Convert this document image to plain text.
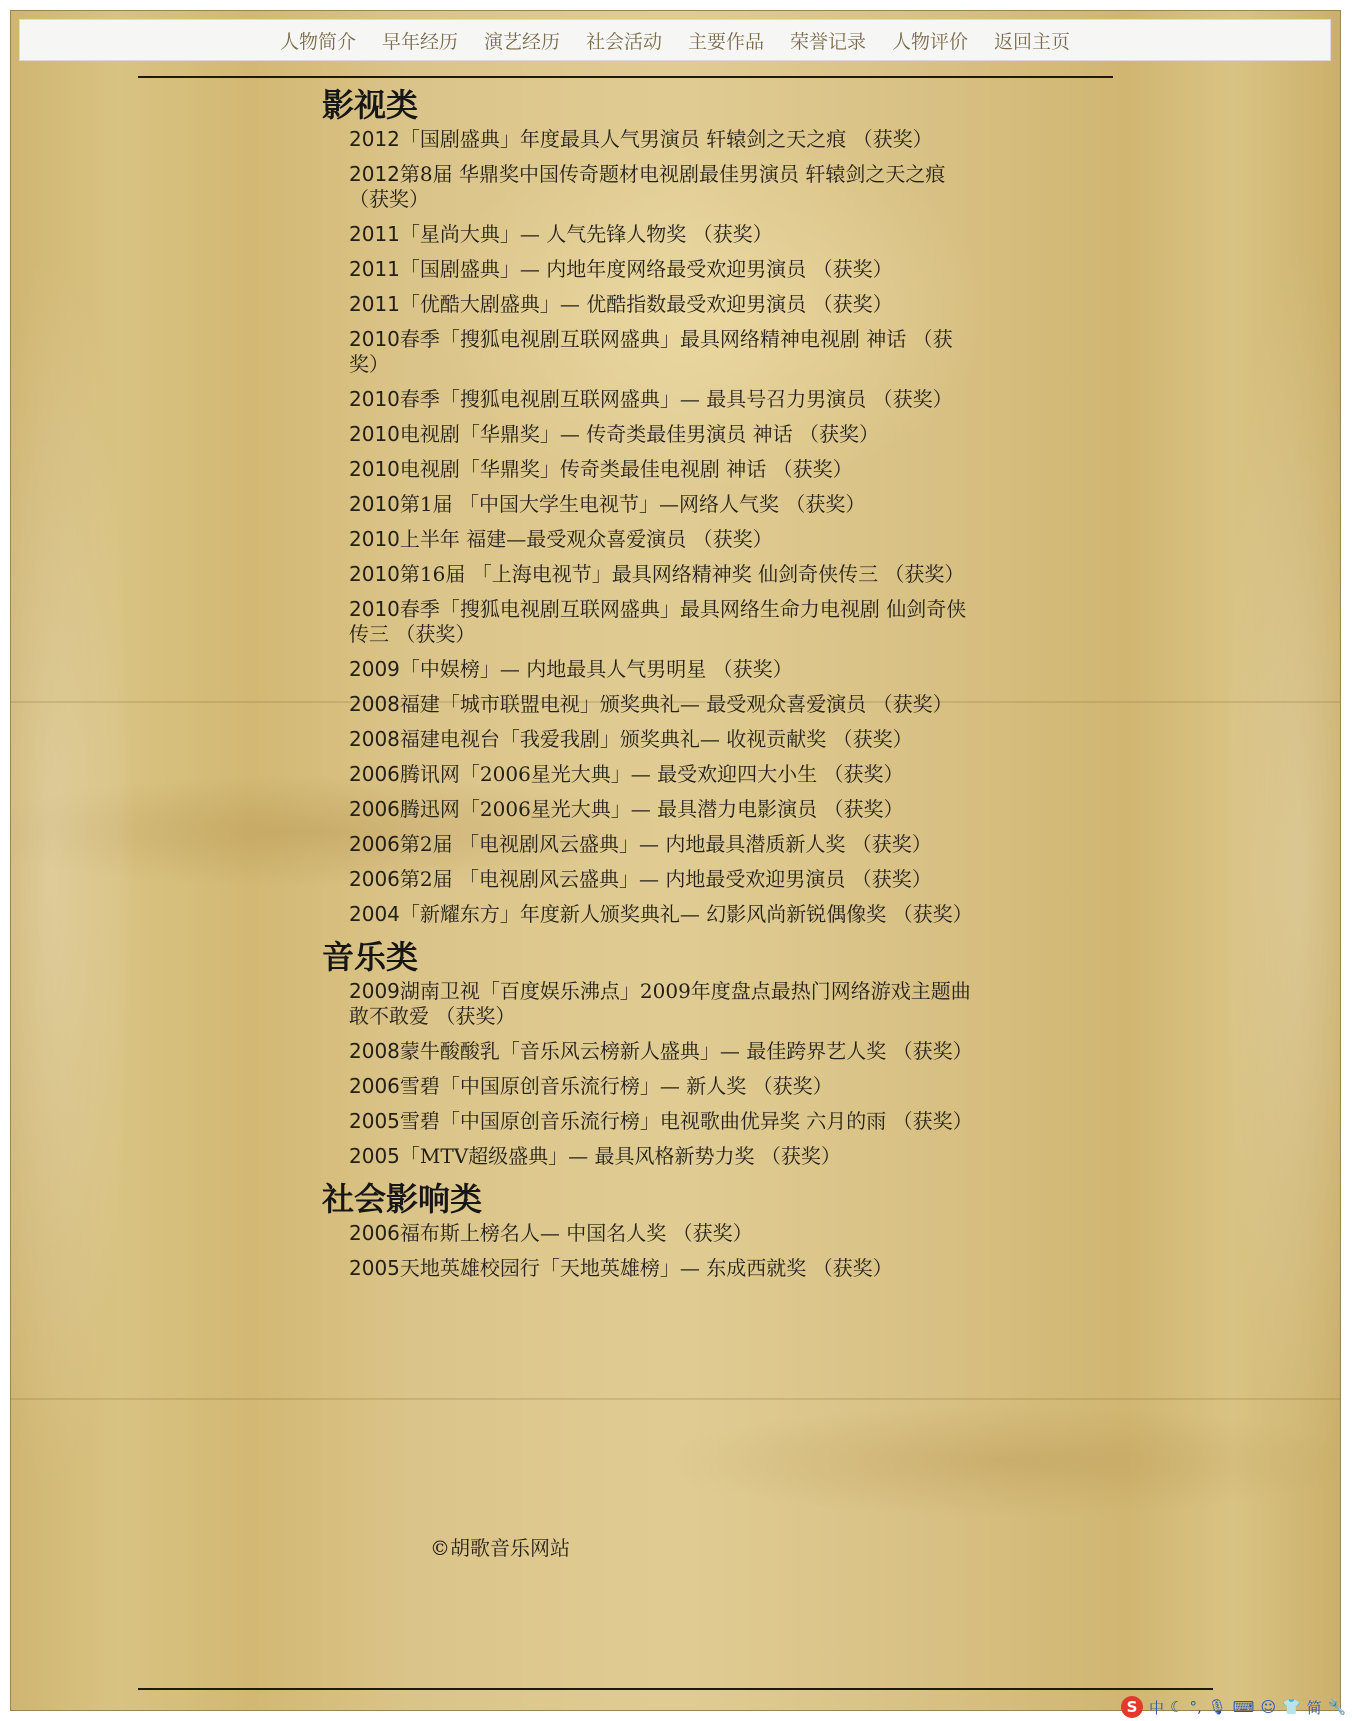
人物简介 早年经历 演艺经历 社会活动 主要作品 荣誉记录 人物评价 返回主页
影视类

2012「国剧盛典」年度最具人气男演员 轩辕剑之天之痕 （获奖）

2012第8届 华鼎奖中国传奇题材电视剧最佳男演员 轩辕剑之天之痕 （获奖）

2011「星尚大典」— 人气先锋人物奖 （获奖）

2011「国剧盛典」— 内地年度网络最受欢迎男演员 （获奖）

2011「优酷大剧盛典」— 优酷指数最受欢迎男演员 （获奖）

2010春季「搜狐电视剧互联网盛典」最具网络精神电视剧 神话 （获奖）

2010春季「搜狐电视剧互联网盛典」— 最具号召力男演员 （获奖）

2010电视剧「华鼎奖」— 传奇类最佳男演员 神话 （获奖）

2010电视剧「华鼎奖」传奇类最佳电视剧 神话 （获奖）

2010第1届 「中国大学生电视节」—网络人气奖 （获奖）

2010上半年 福建—最受观众喜爱演员 （获奖）

2010第16届 「上海电视节」最具网络精神奖 仙剑奇侠传三 （获奖）

2010春季「搜狐电视剧互联网盛典」最具网络生命力电视剧 仙剑奇侠传三 （获奖）

2009「中娱榜」— 内地最具人气男明星 （获奖）

2008福建「城市联盟电视」颁奖典礼— 最受观众喜爱演员 （获奖）

2008福建电视台「我爱我剧」颁奖典礼— 收视贡献奖 （获奖）

2006腾讯网「2006星光大典」— 最受欢迎四大小生 （获奖）

2006腾迅网「2006星光大典」— 最具潜力电影演员 （获奖）

2006第2届 「电视剧风云盛典」— 内地最具潜质新人奖 （获奖）

2006第2届 「电视剧风云盛典」— 内地最受欢迎男演员 （获奖）

2004「新耀东方」年度新人颁奖典礼— 幻影风尚新锐偶像奖 （获奖）

音乐类

2009湖南卫视「百度娱乐沸点」2009年度盘点最热门网络游戏主题曲 敢不敢爱 （获奖）

2008蒙牛酸酸乳「音乐风云榜新人盛典」— 最佳跨界艺人奖 （获奖）

2006雪碧「中国原创音乐流行榜」— 新人奖 （获奖）

2005雪碧「中国原创音乐流行榜」电视歌曲优异奖 六月的雨 （获奖）

2005「MTV超级盛典」— 最具风格新势力奖 （获奖）

社会影响类

2006福布斯上榜名人— 中国名人奖 （获奖）

2005天地英雄校园行「天地英雄榜」— 东成西就奖 （获奖）

©胡歌音乐网站
S 中 ☾ °, 🎙 ⌨ ☺ 👕 简 🔧
